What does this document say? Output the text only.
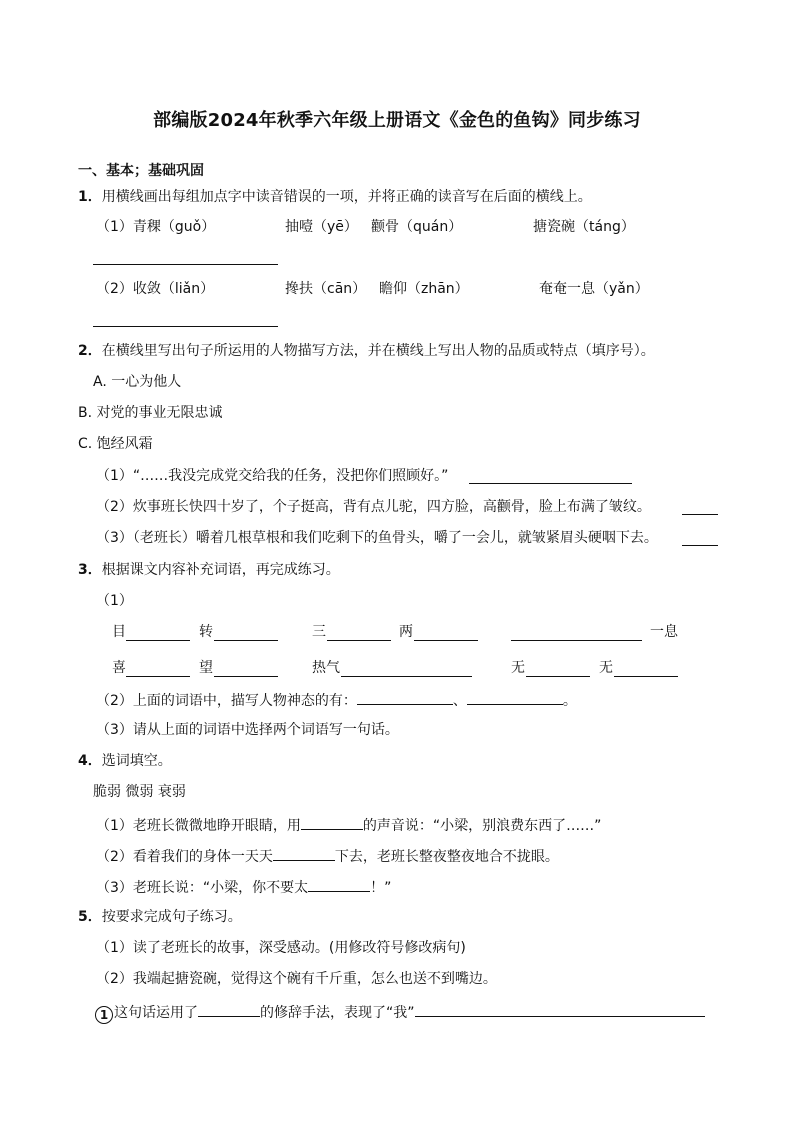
部编版2024年秋季六年级上册语文《金色的鱼钩》同步练习
一、基本；基础巩固
1．用横线画出每组加点字中读音错误的一项，并将正确的读音写在后面的横线上。
（1）青稞（guǒ）	抽噎（yē） 颧骨（quán）	搪瓷碗（táng）
（2）收敛（liǎn）	搀扶（cān） 瞻仰（zhān）	奄奄一息（yǎn）
2．在横线里写出句子所运用的人物描写方法，并在横线上写出人物的品质或特点（填序号）。
A. 一心为他人
B. 对党的事业无限忠诚
C. 饱经风霜
（1）“……我没完成党交给我的任务，没把你们照顾好。”
（2）炊事班长快四十岁了，个子挺高，背有点儿驼，四方脸，高颧骨，脸上布满了皱纹。
（3）（老班长）嚼着几根草根和我们吃剩下的鱼骨头，嚼了一会儿，就皱紧眉头硬咽下去。
3．根据课文内容补充词语，再完成练习。
（1）
目	转	三	两	一息
喜	望	热气	无	无
（2）上面的词语中，描写人物神态的有：	、	。
（3）请从上面的词语中选择两个词语写一句话。
4．选词填空。
脆弱 微弱 衰弱
（1）老班长微微地睁开眼睛，用	的声音说：“小梁，别浪费东西了……”
（2）看着我们的身体一天天	下去，老班长整夜整夜地合不拢眼。
（3）老班长说：“小梁，你不要太	！”
5．按要求完成句子练习。
（1）读了老班长的故事，深受感动。(用修改符号修改病句)
（2）我端起搪瓷碗，觉得这个碗有千斤重，怎么也送不到嘴边。
1 这句话运用了	的修辞手法，表现了“我”
